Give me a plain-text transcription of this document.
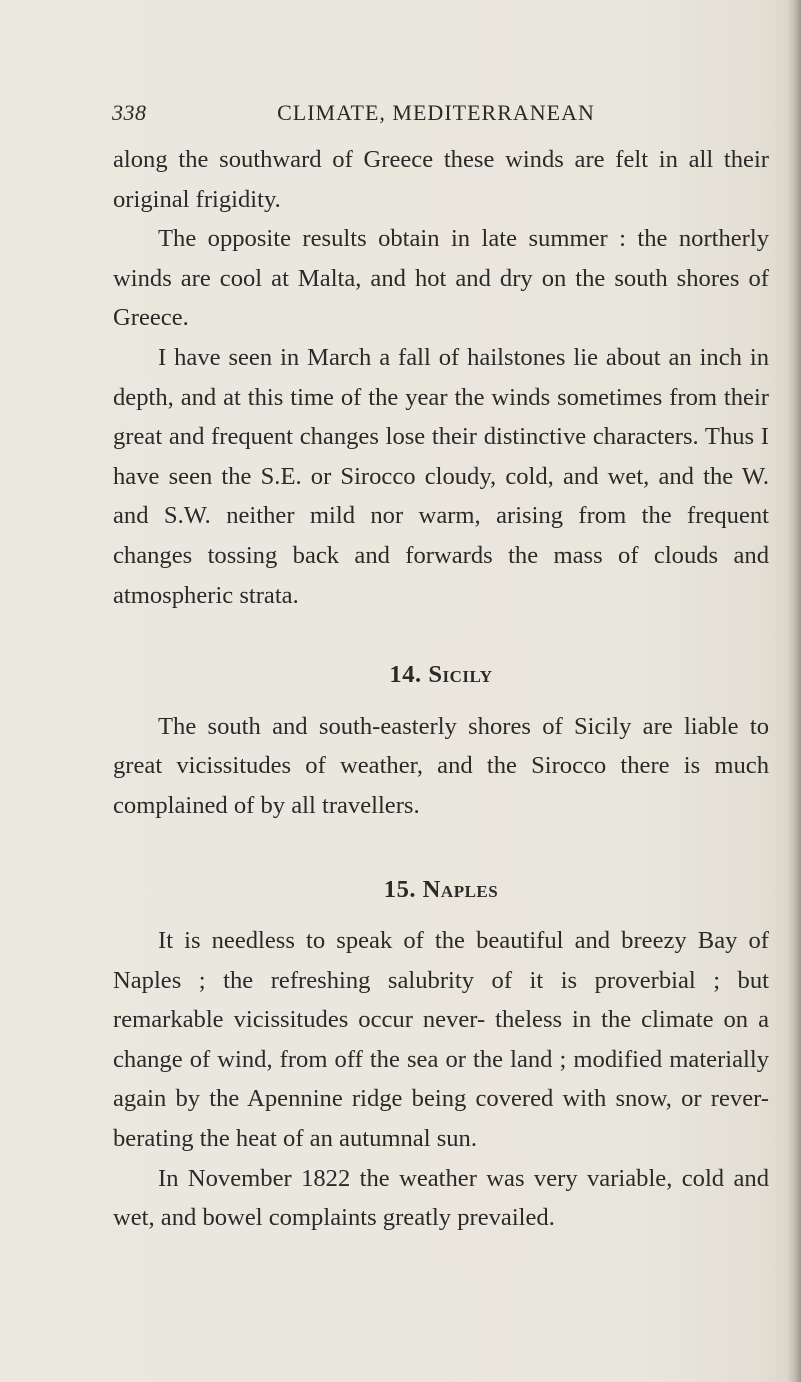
338	CLIMATE, MEDITERRANEAN

along the southward of Greece these winds are felt in all their original frigidity.

The opposite results obtain in late summer : the northerly winds are cool at Malta, and hot and dry on the south shores of Greece.

I have seen in March a fall of hailstones lie about an inch in depth, and at this time of the year the winds sometimes from their great and frequent changes lose their distinctive characters. Thus I have seen the S.E. or Sirocco cloudy, cold, and wet, and the W. and S.W. neither mild nor warm, arising from the frequent changes tossing back and forwards the mass of clouds and atmospheric strata.

14. Sicily

The south and south-easterly shores of Sicily are liable to great vicissitudes of weather, and the Sirocco there is much complained of by all travellers.

15. Naples

It is needless to speak of the beautiful and breezy Bay of Naples ; the refreshing salubrity of it is proverbial ; but remarkable vicissitudes occur never- theless in the climate on a change of wind, from off the sea or the land ; modified materially again by the Apennine ridge being covered with snow, or rever- berating the heat of an autumnal sun.

In November 1822 the weather was very variable, cold and wet, and bowel complaints greatly prevailed.
